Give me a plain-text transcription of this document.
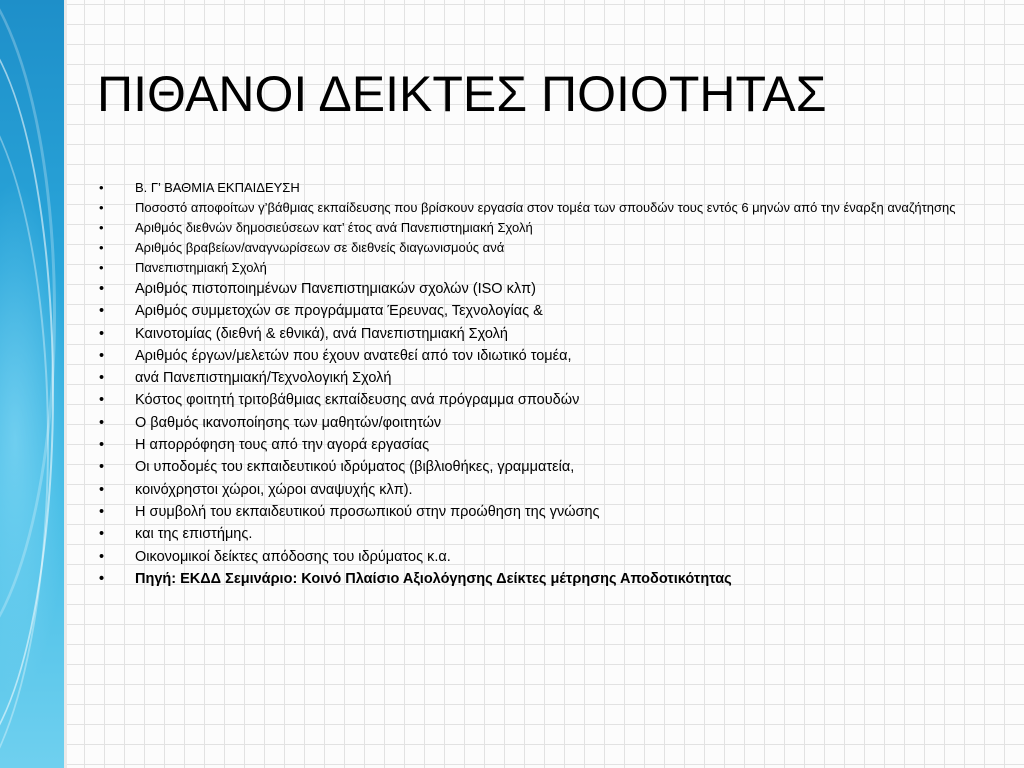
ΠΙΘΑΝΟΙ ΔΕΙΚΤΕΣ ΠΟΙΟΤΗΤΑΣ
• Β. Γ’ ΒΑΘΜΙΑ ΕΚΠΑΙΔΕΥΣΗ
• Ποσοστό αποφοίτων γ’βάθμιας εκπαίδευσης που βρίσκουν εργασία στον τομέα των σπουδών τους εντός 6 μηνών από την έναρξη αναζήτησης
• Αριθμός διεθνών δημοσιεύσεων κατ’ έτος ανά Πανεπιστημιακή Σχολή
• Αριθμός βραβείων/αναγνωρίσεων σε διεθνείς διαγωνισμούς ανά
• Πανεπιστημιακή Σχολή
• Αριθμός πιστοποιημένων Πανεπιστημιακών σχολών (ISO κλπ)
• Αριθμός συμμετοχών σε προγράμματα Έρευνας, Τεχνολογίας &
• Καινοτομίας (διεθνή & εθνικά), ανά Πανεπιστημιακή Σχολή
• Αριθμός έργων/μελετών που έχουν ανατεθεί από τον ιδιωτικό τομέα,
• ανά Πανεπιστημιακή/Τεχνολογική Σχολή
• Κόστος φοιτητή τριτοβάθμιας εκπαίδευσης ανά πρόγραμμα σπουδών
• Ο βαθμός ικανοποίησης των μαθητών/φοιτητών
• Η απορρόφηση τους από την αγορά εργασίας
• Οι υποδομές του εκπαιδευτικού ιδρύματος (βιβλιοθήκες, γραμματεία,
• κοινόχρηστοι χώροι, χώροι αναψυχής κλπ).
• Η συμβολή του εκπαιδευτικού προσωπικού στην προώθηση της γνώσης
• και της επιστήμης.
• Οικονομικοί δείκτες απόδοσης του ιδρύματος κ.α.
• Πηγή: ΕΚΔΔ Σεμινάριο: Κοινό Πλαίσιο Αξιολόγησης Δείκτες μέτρησης Αποδοτικότητας
